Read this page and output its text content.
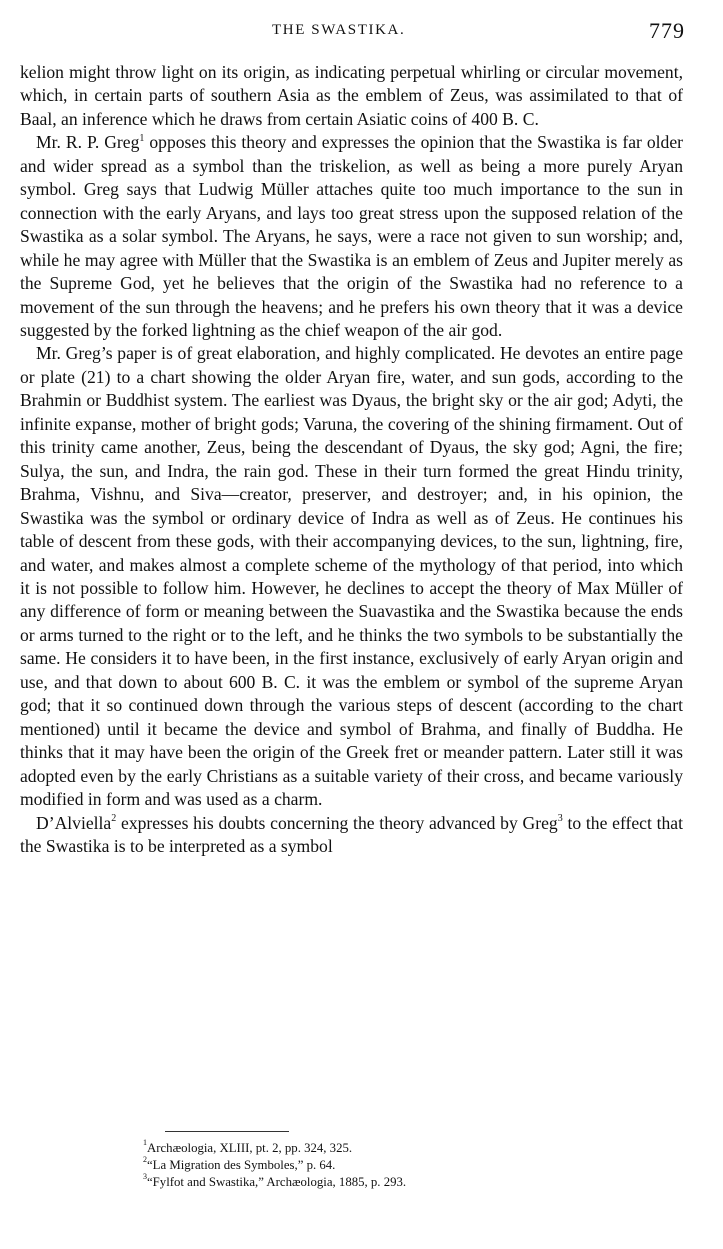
THE SWASTIKA.	779

kelion might throw light on its origin, as indicating perpetual whirling or circular movement, which, in certain parts of southern Asia as the emblem of Zeus, was assimilated to that of Baal, an inference which he draws from certain Asiatic coins of 400 B. C.

Mr. R. P. Greg$^1$ opposes this theory and expresses the opinion that the Swastika is far older and wider spread as a symbol than the triskelion, as well as being a more purely Aryan symbol. Greg says that Ludwig Müller attaches quite too much importance to the sun in connection with the early Aryans, and lays too great stress upon the supposed relation of the Swastika as a solar symbol. The Aryans, he says, were a race not given to sun worship; and, while he may agree with Müller that the Swastika is an emblem of Zeus and Jupiter merely as the Supreme God, yet he believes that the origin of the Swastika had no reference to a movement of the sun through the heavens; and he prefers his own theory that it was a device suggested by the forked lightning as the chief weapon of the air god.

Mr. Greg’s paper is of great elaboration, and highly complicated. He devotes an entire page or plate (21) to a chart showing the older Aryan fire, water, and sun gods, according to the Brahmin or Buddhist system. The earliest was Dyaus, the bright sky or the air god; Adyti, the infinite expanse, mother of bright gods; Varuna, the covering of the shining firmament. Out of this trinity came another, Zeus, being the descendant of Dyaus, the sky god; Agni, the fire; Sulya, the sun, and Indra, the rain god. These in their turn formed the great Hindu trinity, Brahma, Vishnu, and Siva—creator, preserver, and destroyer; and, in his opinion, the Swastika was the symbol or ordinary device of Indra as well as of Zeus. He continues his table of descent from these gods, with their accompanying devices, to the sun, lightning, fire, and water, and makes almost a complete scheme of the mythology of that period, into which it is not possible to follow him. However, he declines to accept the theory of Max Müller of any difference of form or meaning between the Suavastika and the Swastika because the ends or arms turned to the right or to the left, and he thinks the two symbols to be substantially the same. He considers it to have been, in the first instance, exclusively of early Aryan origin and use, and that down to about 600 B. C. it was the emblem or symbol of the supreme Aryan god; that it so continued down through the various steps of descent (according to the chart mentioned) until it became the device and symbol of Brahma, and finally of Buddha. He thinks that it may have been the origin of the Greek fret or meander pattern. Later still it was adopted even by the early Christians as a suitable variety of their cross, and became variously modified in form and was used as a charm.

D’Alviella$^2$ expresses his doubts concerning the theory advanced by Greg$^3$ to the effect that the Swastika is to be interpreted as a symbol

$^1$Archæologia, XLIII, pt. 2, pp. 324, 325.
$^2$“La Migration des Symboles,” p. 64.
$^3$“Fylfot and Swastika,” Archæologia, 1885, p. 293.
